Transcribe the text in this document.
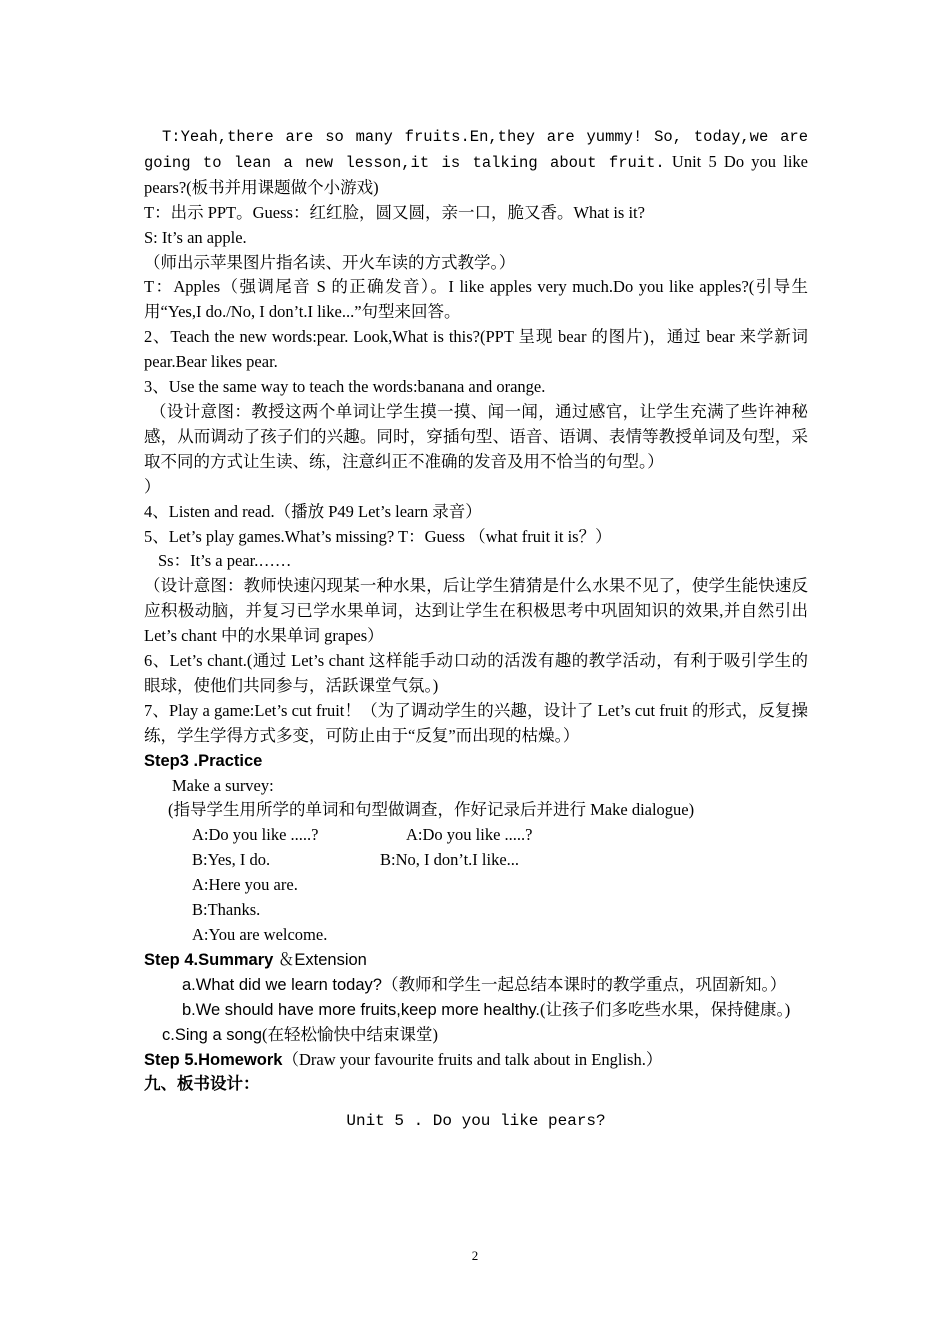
T:Yeah,there are so many fruits.En,they are yummy! So, today,we are going to lean a new lesson,it is talking about fruit. Unit 5 Do you like pears?(板书并用课题做个小游戏)

T：出示 PPT。Guess：红红脸，圆又圆，亲一口，脆又香。What is it?

S: It’s an apple.

（师出示苹果图片指名读、开火车读的方式教学。）

T：Apples（强调尾音 S 的正确发音）。I like apples very much.Do you like apples?(引导生用“Yes,I do./No, I don’t.I like...”句型来回答。

2、Teach the new words:pear. Look,What is this?(PPT 呈现 bear 的图片)，通过 bear 来学新词 pear.Bear likes pear.

3、Use the same way to teach the words:banana and orange.

（设计意图：教授这两个单词让学生摸一摸、闻一闻，通过感官，让学生充满了些许神秘感，从而调动了孩子们的兴趣。同时，穿插句型、语音、语调、表情等教授单词及句型，采取不同的方式让生读、练，注意纠正不准确的发音及用不恰当的句型。）

）

4、Listen and read.（播放 P49 Let’s learn 录音）

5、Let’s play games.What’s missing? T：Guess （what fruit it is？）

Ss：It’s a pear.……

（设计意图：教师快速闪现某一种水果，后让学生猜猜是什么水果不见了，使学生能快速反应积极动脑，并复习已学水果单词，达到让学生在积极思考中巩固知识的效果,并自然引出 Let’s chant 中的水果单词 grapes）

6、Let’s chant.(通过 Let’s chant 这样能手动口动的活泼有趣的教学活动，有利于吸引学生的眼球，使他们共同参与，活跃课堂气氛。)

7、Play a game:Let’s cut fruit！（为了调动学生的兴趣，设计了 Let’s cut fruit 的形式，反复操练，学生学得方式多变，可防止由于“反复”而出现的枯燥。）

Step3 .Practice

Make a survey:

(指导学生用所学的单词和句型做调查，作好记录后并进行 Make dialogue)

A:Do you like .....?	A:Do you like .....?

B:Yes, I do.	B:No, I don’t.I like...

A:Here you are.

B:Thanks.

A:You are welcome.

Step 4.Summary ＆Extension

a.What did we learn today?（教师和学生一起总结本课时的教学重点，巩固新知。）

b.We should have more fruits,keep more healthy.(让孩子们多吃些水果，保持健康。)

c.Sing a song(在轻松愉快中结束课堂)

Step 5.Homework（Draw your favourite fruits and talk about in English.）

九、板书设计：

Unit 5 . Do you like pears?

2
